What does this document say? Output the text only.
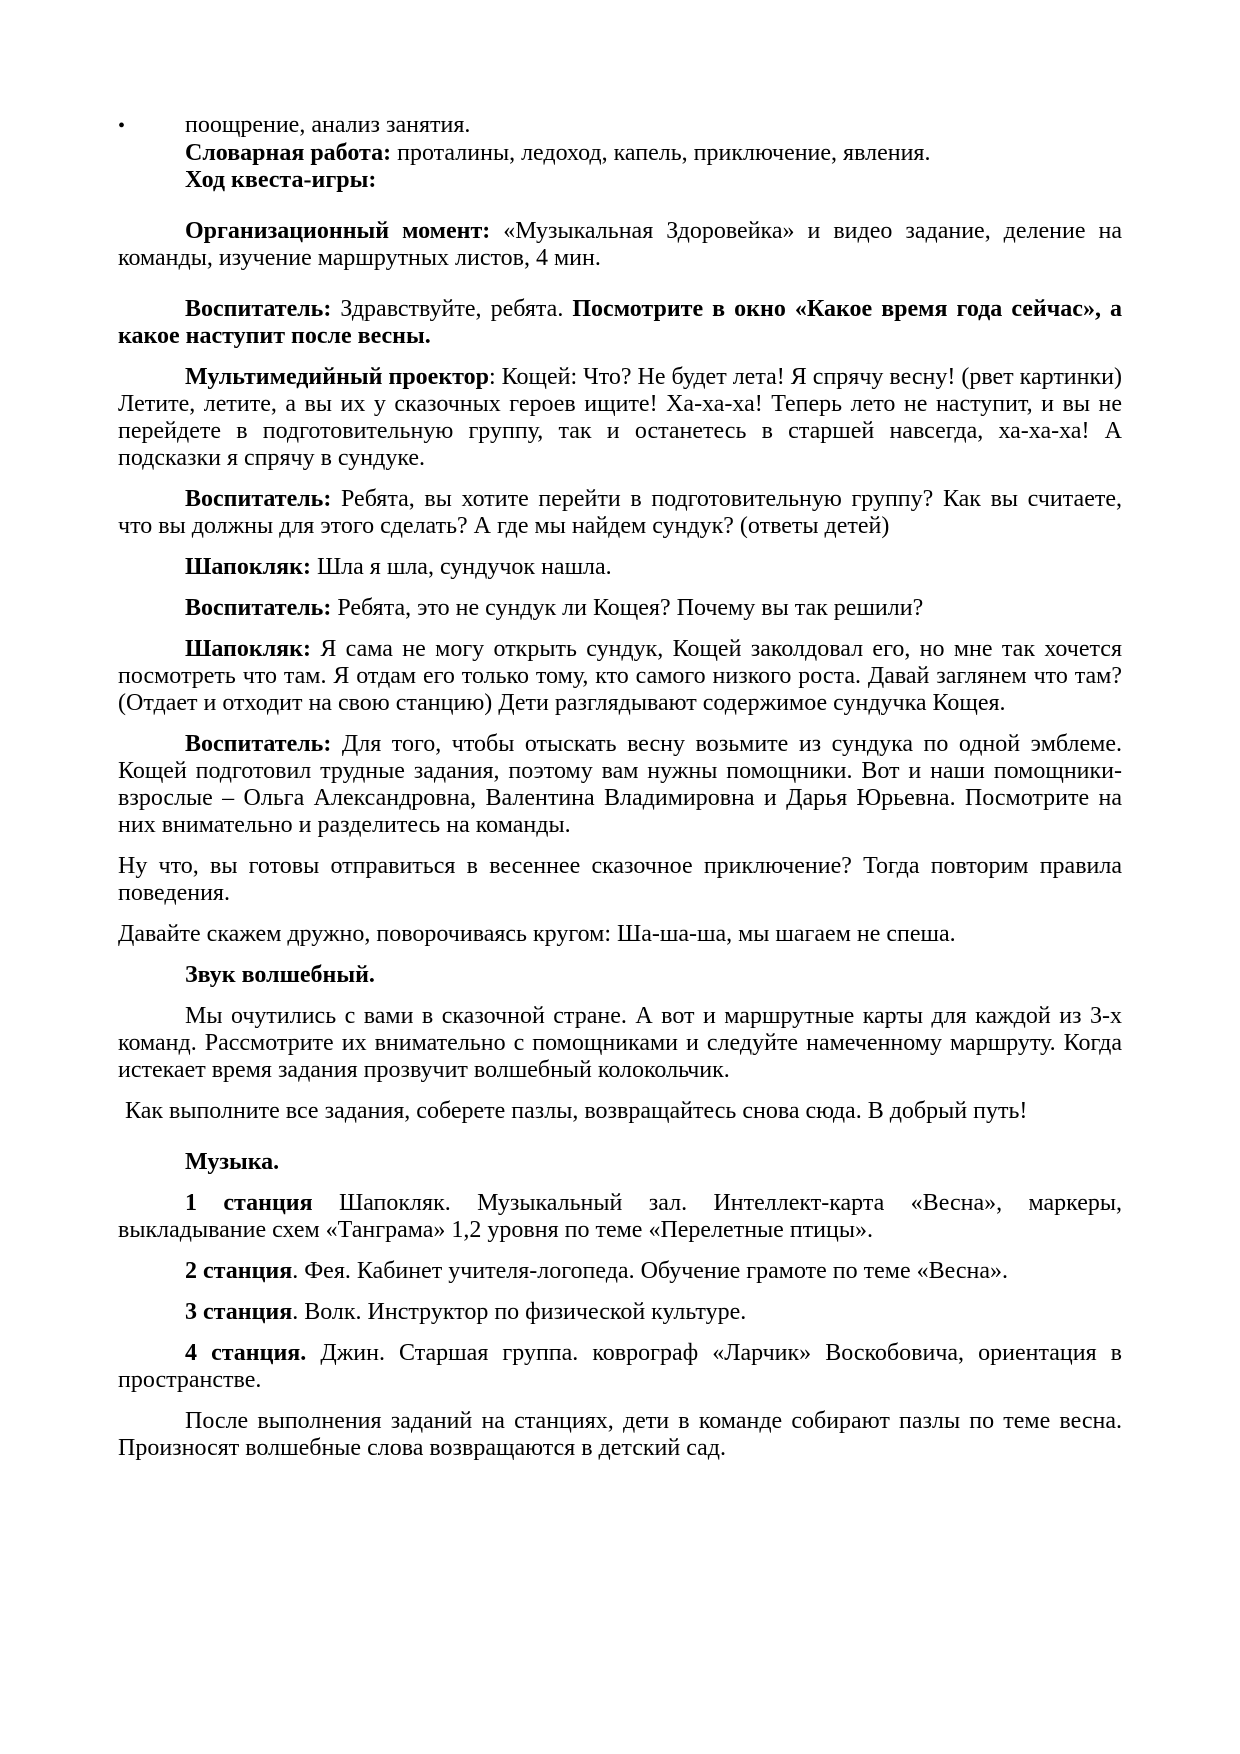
• поощрение, анализ занятия.

Словарная работа: проталины, ледоход, капель, приключение, явления.

Ход квеста-игры:

Организационный момент: «Музыкальная Здоровейка» и видео задание, деление на команды, изучение маршрутных листов, 4 мин.

Воспитатель: Здравствуйте, ребята. Посмотрите в окно «Какое время года сейчас», а какое наступит после весны.

Мультимедийный проектор: Кощей: Что? Не будет лета! Я спрячу весну! (рвет картинки) Летите, летите, а вы их у сказочных героев ищите! Ха-ха-ха! Теперь лето не наступит, и вы не перейдете в подготовительную группу, так и останетесь в старшей навсегда, ха-ха-ха! А подсказки я спрячу в сундуке.

Воспитатель: Ребята, вы хотите перейти в подготовительную группу? Как вы считаете, что вы должны для этого сделать? А где мы найдем сундук? (ответы детей)

Шапокляк: Шла я шла, сундучок нашла.

Воспитатель: Ребята, это не сундук ли Кощея? Почему вы так решили?

Шапокляк: Я сама не могу открыть сундук, Кощей заколдовал его, но мне так хочется посмотреть что там. Я отдам его только тому, кто самого низкого роста. Давай заглянем что там? (Отдает и отходит на свою станцию) Дети разглядывают содержимое сундучка Кощея.

Воспитатель: Для того, чтобы отыскать весну возьмите из сундука по одной эмблеме. Кощей подготовил трудные задания, поэтому вам нужны помощники. Вот и наши помощники-взрослые – Ольга Александровна, Валентина Владимировна и Дарья Юрьевна. Посмотрите на них внимательно и разделитесь на команды.

Ну что, вы готовы отправиться в весеннее сказочное приключение? Тогда повторим правила поведения.

Давайте скажем дружно, поворочиваясь кругом: Ша-ша-ша, мы шагаем не спеша.

Звук волшебный.

Мы очутились с вами в сказочной стране. А вот и маршрутные карты для каждой из 3-х команд. Рассмотрите их внимательно с помощниками и следуйте намеченному маршруту. Когда истекает время задания прозвучит волшебный колокольчик.

Как выполните все задания, соберете пазлы, возвращайтесь снова сюда. В добрый путь!

Музыка.

1 станция Шапокляк. Музыкальный зал. Интеллект-карта «Весна», маркеры, выкладывание схем «Танграма» 1,2 уровня по теме «Перелетные птицы».

2 станция. Фея. Кабинет учителя-логопеда. Обучение грамоте по теме «Весна».

3 станция. Волк. Инструктор по физической культуре.

4 станция. Джин. Старшая группа. коврограф «Ларчик» Воскобовича, ориентация в пространстве.

После выполнения заданий на станциях, дети в команде собирают пазлы по теме весна. Произносят волшебные слова возвращаются в детский сад.
